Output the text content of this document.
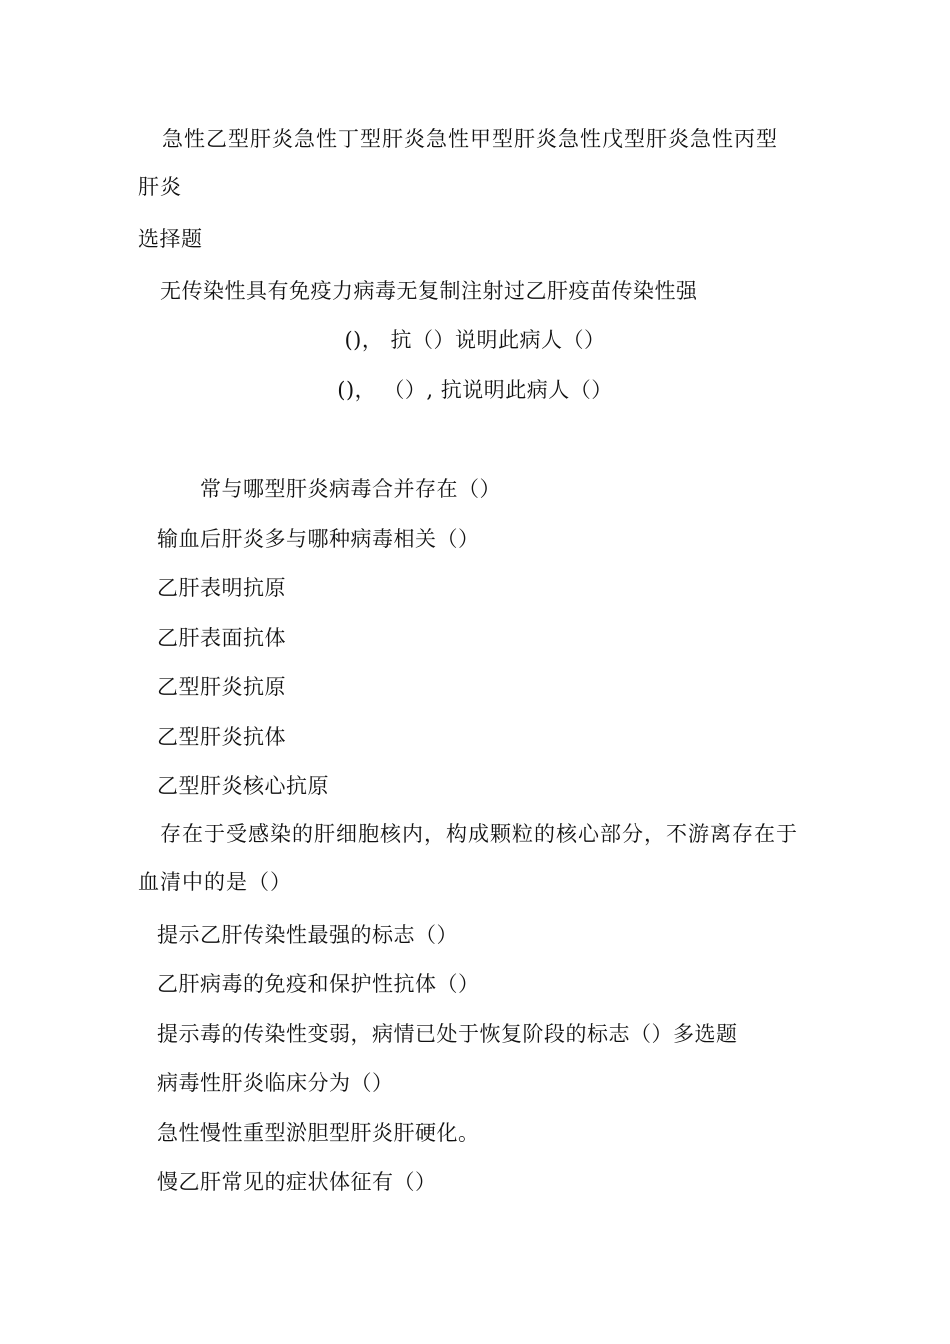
急性乙型肝炎急性丁型肝炎急性甲型肝炎急性戊型肝炎急性丙型肝炎
选择题
无传染性具有免疫力病毒无复制注射过乙肝疫苗传染性强
()， 抗（）说明此病人（）
()， （）, 抗说明此病人（）
常与哪型肝炎病毒合并存在（）
输血后肝炎多与哪种病毒相关（）
乙肝表明抗原
乙肝表面抗体
乙型肝炎抗原
乙型肝炎抗体
乙型肝炎核心抗原
存在于受感染的肝细胞核内，构成颗粒的核心部分，不游离存在于血清中的是（）
提示乙肝传染性最强的标志（）
乙肝病毒的免疫和保护性抗体（）
提示毒的传染性变弱，病情已处于恢复阶段的标志（）多选题
病毒性肝炎临床分为（）
急性慢性重型淤胆型肝炎肝硬化。
慢乙肝常见的症状体征有（）
